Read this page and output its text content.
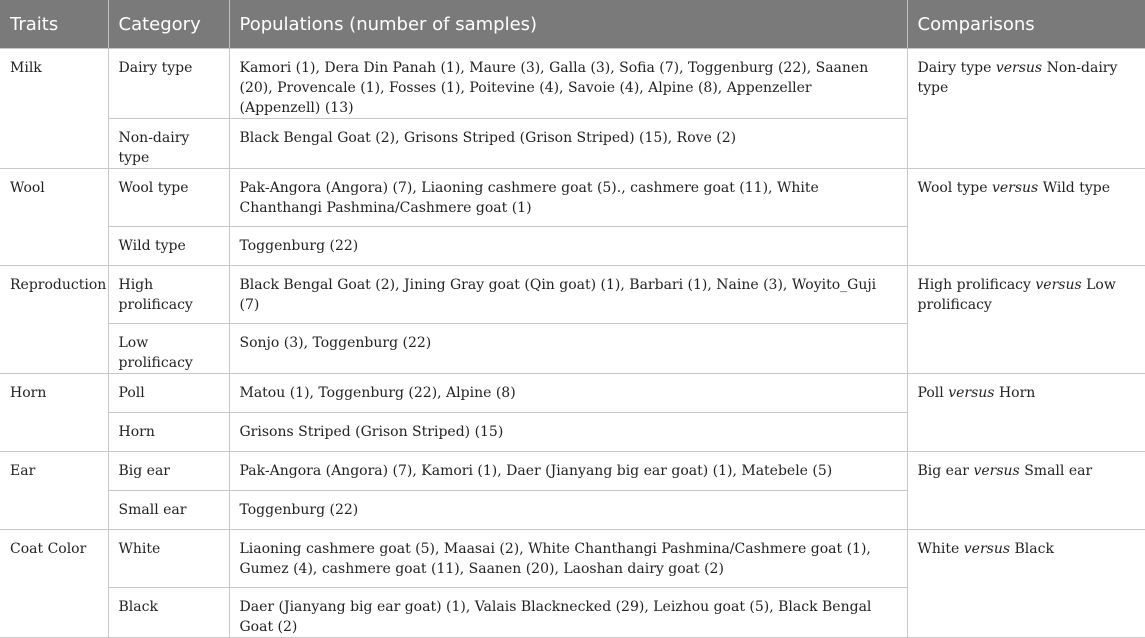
Traits	Category	Populations (number of samples)	Comparisons
Milk	Dairy type	Kamori (1), Dera Din Panah (1), Maure (3), Galla (3), Sofia (7), Toggenburg (22), Saanen (20), Provencale (1), Fosses (1), Poitevine (4), Savoie (4), Alpine (8), Appenzeller (Appenzell) (13)	Dairy type versus Non-dairy type
	Non-dairy type	Black Bengal Goat (2), Grisons Striped (Grison Striped) (15), Rove (2)	
Wool	Wool type	Pak-Angora (Angora) (7), Liaoning cashmere goat (5)., cashmere goat (11), White Chanthangi Pashmina/Cashmere goat (1)	Wool type versus Wild type
	Wild type	Toggenburg (22)	
Reproduction	High prolificacy	Black Bengal Goat (2), Jining Gray goat (Qin goat) (1), Barbari (1), Naine (3), Woyito_Guji (7)	High prolificacy versus Low prolificacy
	Low prolificacy	Sonjo (3), Toggenburg (22)	
Horn	Poll	Matou (1), Toggenburg (22), Alpine (8)	Poll versus Horn
	Horn	Grisons Striped (Grison Striped) (15)	
Ear	Big ear	Pak-Angora (Angora) (7), Kamori (1), Daer (Jianyang big ear goat) (1), Matebele (5)	Big ear versus Small ear
	Small ear	Toggenburg (22)	
Coat Color	White	Liaoning cashmere goat (5), Maasai (2), White Chanthangi Pashmina/Cashmere goat (1), Gumez (4), cashmere goat (11), Saanen (20), Laoshan dairy goat (2)	White versus Black
	Black	Daer (Jianyang big ear goat) (1), Valais Blacknecked (29), Leizhou goat (5), Black Bengal Goat (2)	
